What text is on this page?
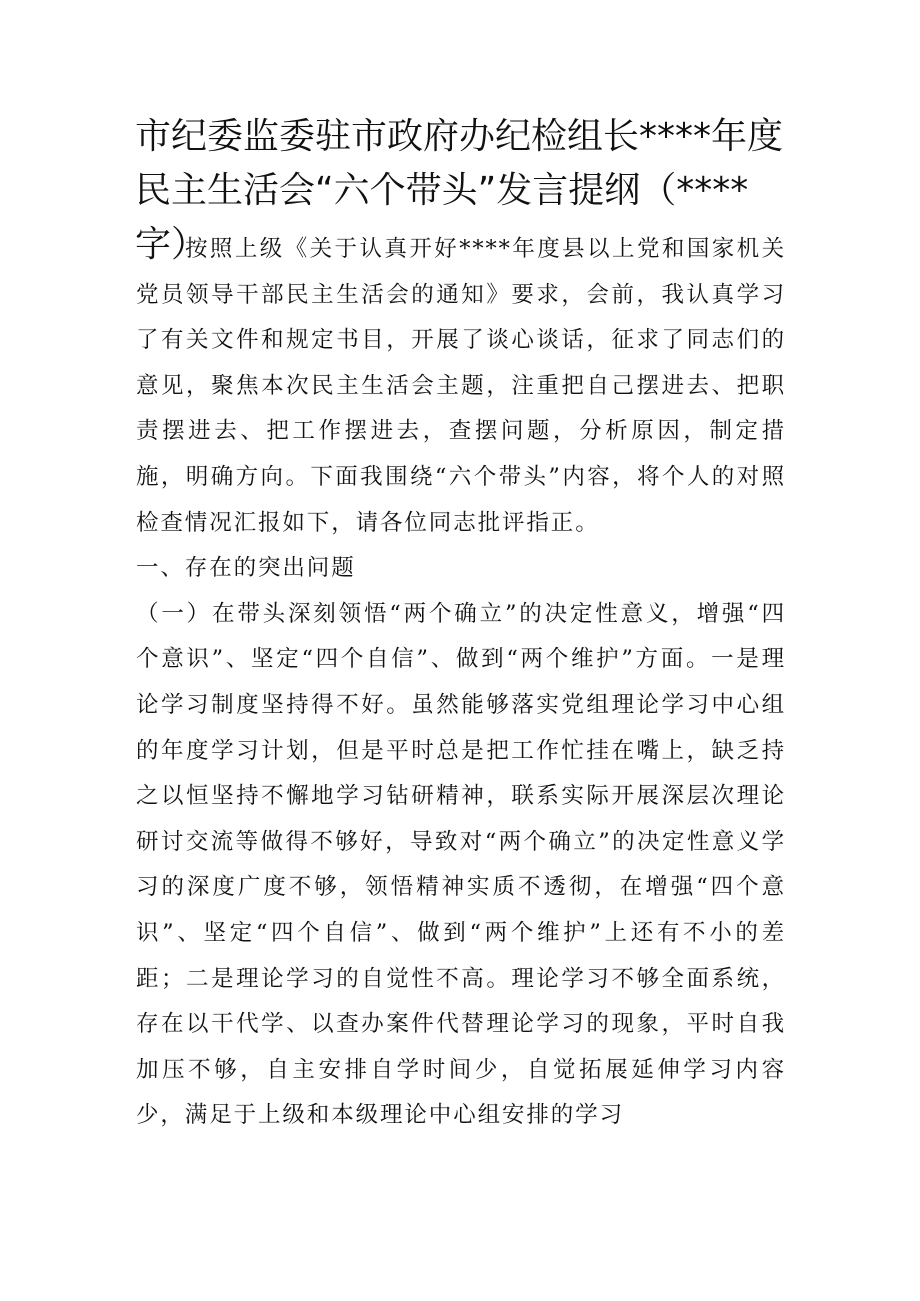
市纪委监委驻市政府办纪检组长****年度民主生活会“六个带头”发言提纲（****字）

按照上级《关于认真开好****年度县以上党和国家机关党员领导干部民主生活会的通知》要求，会前，我认真学习了有关文件和规定书目，开展了谈心谈话，征求了同志们的意见，聚焦本次民主生活会主题，注重把自己摆进去、把职责摆进去、把工作摆进去，查摆问题，分析原因，制定措施，明确方向。下面我围绕“六个带头”内容，将个人的对照检查情况汇报如下，请各位同志批评指正。

一、存在的突出问题

（一）在带头深刻领悟“两个确立”的决定性意义，增强“四个意识”、坚定“四个自信”、做到“两个维护”方面。一是理论学习制度坚持得不好。虽然能够落实党组理论学习中心组的年度学习计划，但是平时总是把工作忙挂在嘴上，缺乏持之以恒坚持不懈地学习钻研精神，联系实际开展深层次理论研讨交流等做得不够好，导致对“两个确立”的决定性意义学习的深度广度不够，领悟精神实质不透彻，在增强“四个意识”、坚定“四个自信”、做到“两个维护”上还有不小的差距；二是理论学习的自觉性不高。理论学习不够全面系统，存在以干代学、以查办案件代替理论学习的现象，平时自我加压不够，自主安排自学时间少，自觉拓展延伸学习内容少，满足于上级和本级理论中心组安排的学习
